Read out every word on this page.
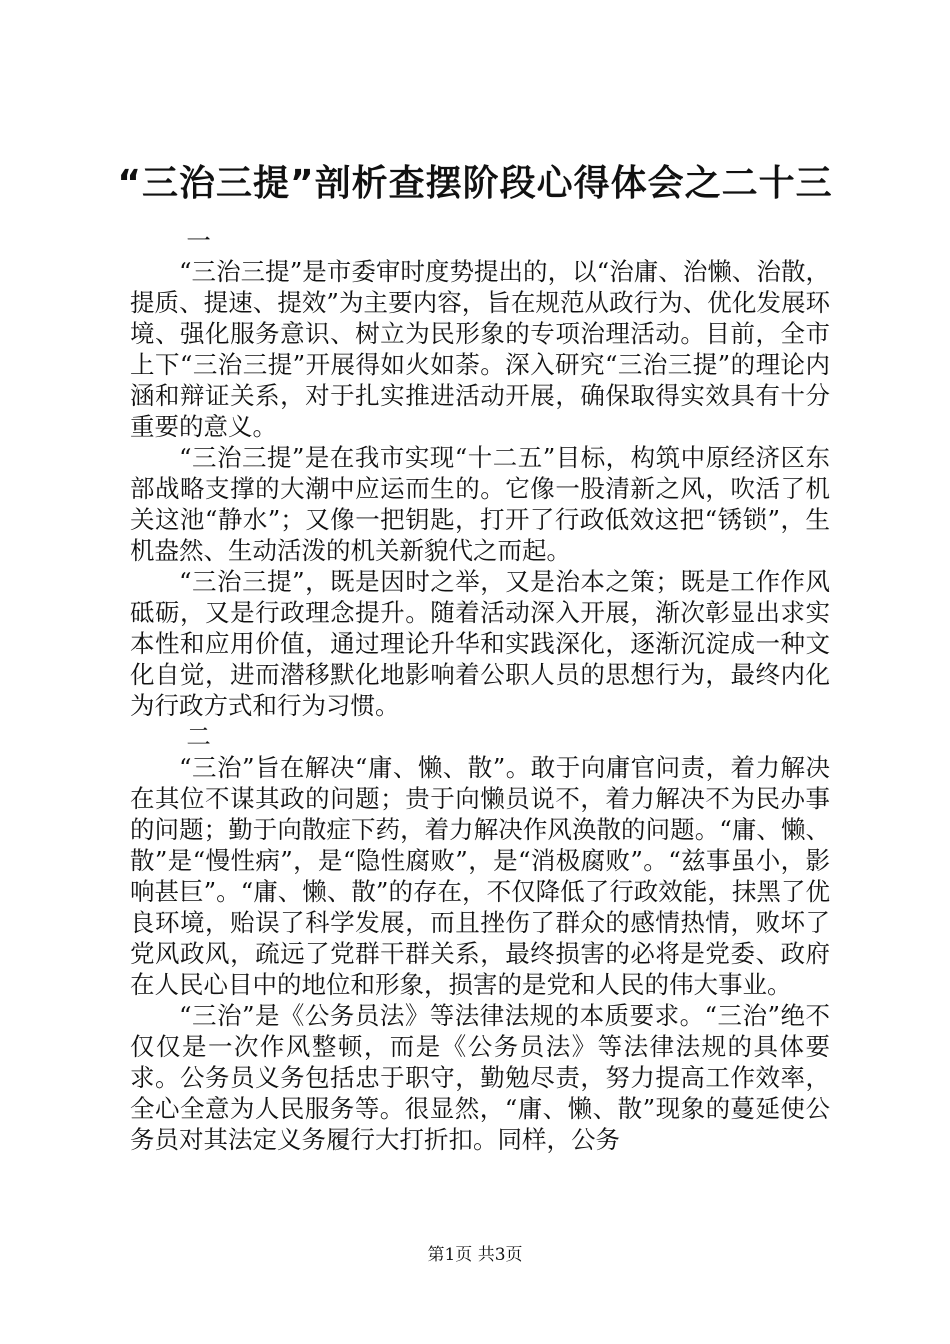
“三治三提”剖析查摆阶段心得体会之二十三

一

“三治三提”是市委审时度势提出的，以“治庸、治懒、治散，提质、提速、提效”为主要内容，旨在规范从政行为、优化发展环境、强化服务意识、树立为民形象的专项治理活动。目前，全市上下“三治三提”开展得如火如荼。深入研究“三治三提”的理论内涵和辩证关系，对于扎实推进活动开展，确保取得实效具有十分重要的意义。

“三治三提”是在我市实现“十二五”目标，构筑中原经济区东部战略支撑的大潮中应运而生的。它像一股清新之风，吹活了机关这池“静水”；又像一把钥匙，打开了行政低效这把“锈锁”，生机盎然、生动活泼的机关新貌代之而起。

“三治三提”，既是因时之举，又是治本之策；既是工作作风砥砺，又是行政理念提升。随着活动深入开展，渐次彰显出求实本性和应用价值，通过理论升华和实践深化，逐渐沉淀成一种文化自觉，进而潜移默化地影响着公职人员的思想行为，最终内化为行政方式和行为习惯。

二

“三治”旨在解决“庸、懒、散”。敢于向庸官问责，着力解决在其位不谋其政的问题；贵于向懒员说不，着力解决不为民办事的问题；勤于向散症下药，着力解决作风涣散的问题。“庸、懒、散”是“慢性病”，是“隐性腐败”，是“消极腐败”。“兹事虽小，影响甚巨”。“庸、懒、散”的存在，不仅降低了行政效能，抹黑了优良环境，贻误了科学发展，而且挫伤了群众的感情热情，败坏了党风政风，疏远了党群干群关系，最终损害的必将是党委、政府在人民心目中的地位和形象，损害的是党和人民的伟大事业。

“三治”是《公务员法》等法律法规的本质要求。“三治”绝不仅仅是一次作风整顿，而是《公务员法》等法律法规的具体要求。公务员义务包括忠于职守，勤勉尽责，努力提高工作效率，全心全意为人民服务等。很显然，“庸、懒、散”现象的蔓延使公务员对其法定义务履行大打折扣。同样，公务

第1页 共3页
